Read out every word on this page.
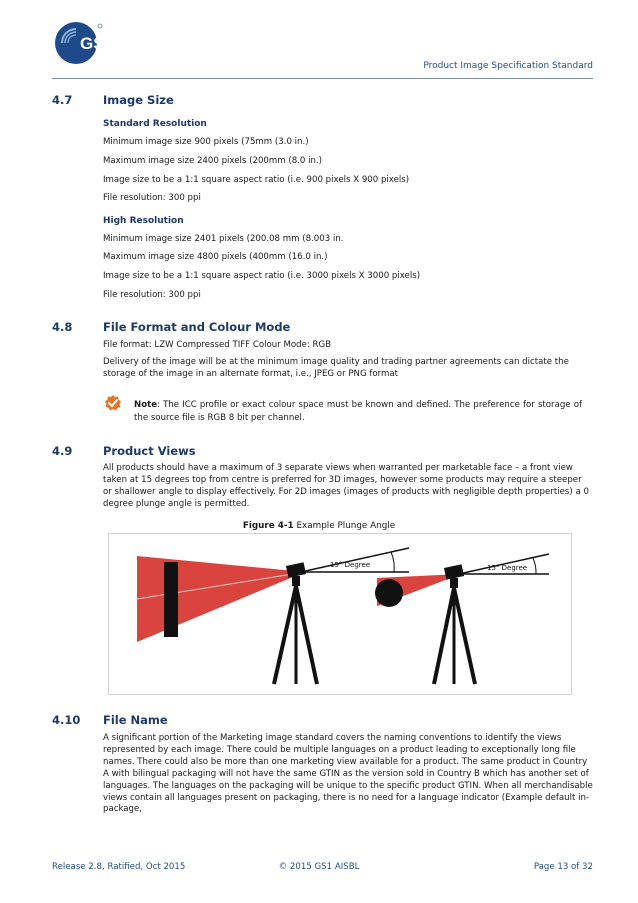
GS1
Product Image Specification Standard
4.7	Image Size
Standard Resolution
Minimum image size 900 pixels (75mm (3.0 in.)
Maximum image size 2400 pixels (200mm (8.0 in.)
Image size to be a 1:1 square aspect ratio (i.e. 900 pixels X 900 pixels)
File resolution: 300 ppi
High Resolution
Minimum image size 2401 pixels (200.08 mm (8.003 in.
Maximum image size 4800 pixels (400mm (16.0 in.)
Image size to be a 1:1 square aspect ratio (i.e. 3000 pixels X 3000 pixels)
File resolution: 300 ppi
4.8	File Format and Colour Mode
File format: LZW Compressed TIFF Colour Mode: RGB
Delivery of the image will be at the minimum image quality and trading partner agreements can dictate the storage of the image in an alternate format, i.e., JPEG or PNG format
Note: The ICC profile or exact colour space must be known and defined. The preference for storage of the source file is RGB 8 bit per channel.
4.9	Product Views
All products should have a maximum of 3 separate views when warranted per marketable face – a front view taken at 15 degrees top from centre is preferred for 3D images, however some products may require a steeper or shallower angle to display effectively. For 2D images (images of products with negligible depth properties) a 0 degree plunge angle is permitted.
Figure 4-1 Example Plunge Angle
15° Degree	15° Degree
4.10 File Name
A significant portion of the Marketing image standard covers the naming conventions to identify the views represented by each image. There could be multiple languages on a product leading to exceptionally long file names. There could also be more than one marketing view available for a product. The same product in Country A with bilingual packaging will not have the same GTIN as the version sold in Country B which has another set of languages. The languages on the packaging will be unique to the specific product GTIN. When all merchandisable views contain all languages present on packaging, there is no need for a language indicator (Example default in-package,
Release 2.8, Ratified, Oct 2015	© 2015 GS1 AISBL	Page 13 of 32
